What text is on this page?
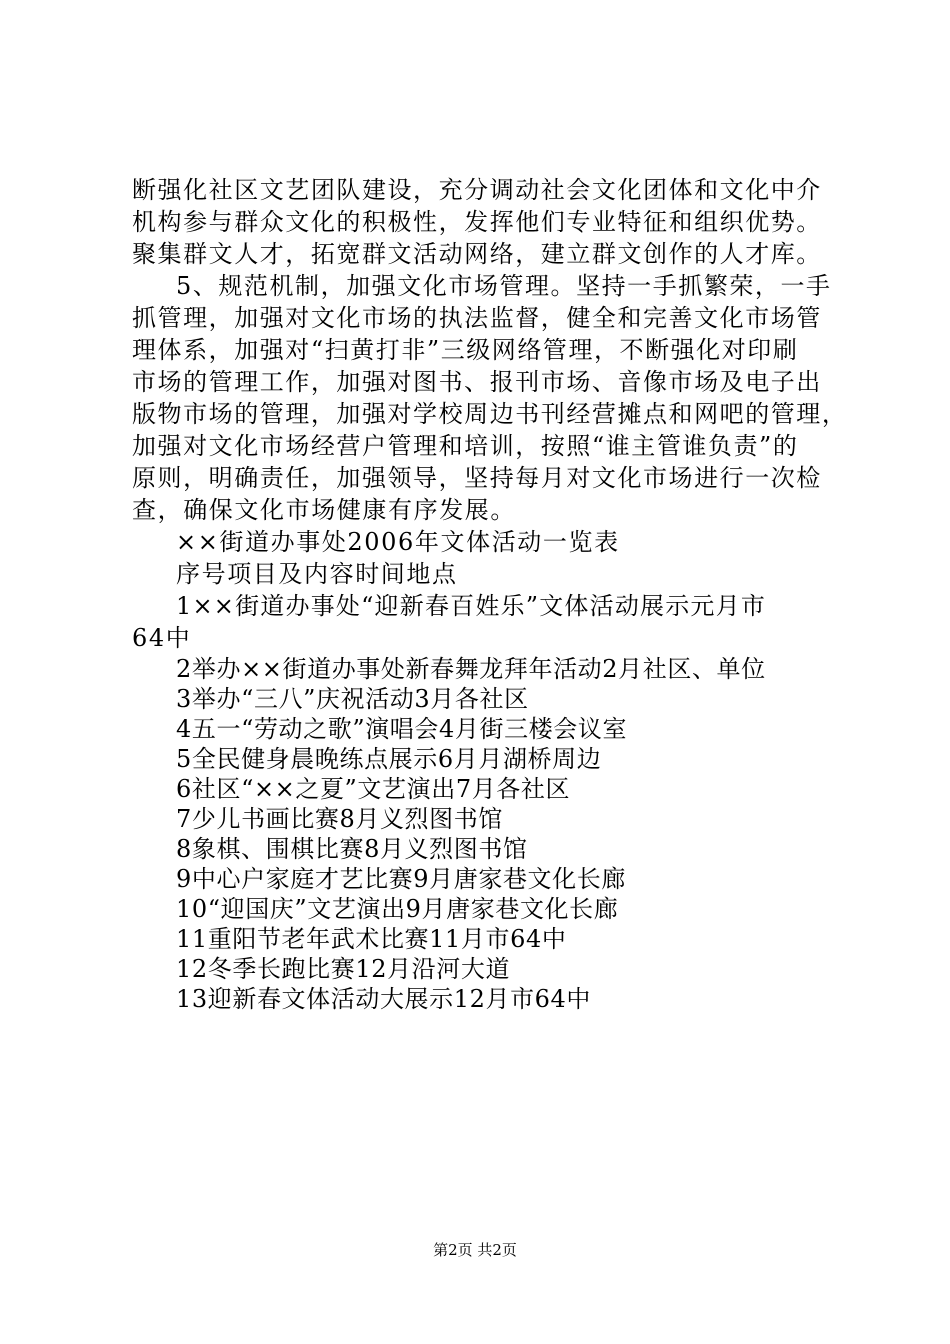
断强化社区文艺团队建设，充分调动社会文化团体和文化中介
机构参与群众文化的积极性，发挥他们专业特征和组织优势。
聚集群文人才，拓宽群文活动网络，建立群文创作的人才库。
5、规范机制，加强文化市场管理。坚持一手抓繁荣，一手
抓管理，加强对文化市场的执法监督，健全和完善文化市场管
理体系，加强对“扫黄打非”三级网络管理，不断强化对印刷
市场的管理工作，加强对图书、报刊市场、音像市场及电子出
版物市场的管理，加强对学校周边书刊经营摊点和网吧的管理，
加强对文化市场经营户管理和培训，按照“谁主管谁负责”的
原则，明确责任，加强领导，坚持每月对文化市场进行一次检
查，确保文化市场健康有序发展。
××街道办事处2006年文体活动一览表
序号项目及内容时间地点
1××街道办事处“迎新春百姓乐”文体活动展示元月市
64中
2举办××街道办事处新春舞龙拜年活动2月社区、单位
3举办“三八”庆祝活动3月各社区
4五一“劳动之歌”演唱会4月街三楼会议室
5全民健身晨晚练点展示6月月湖桥周边
6社区“××之夏”文艺演出7月各社区
7少儿书画比赛8月义烈图书馆
8象棋、围棋比赛8月义烈图书馆
9中心户家庭才艺比赛9月唐家巷文化长廊
10“迎国庆”文艺演出9月唐家巷文化长廊
11重阳节老年武术比赛11月市64中
12冬季长跑比赛12月沿河大道
13迎新春文体活动大展示12月市64中
第2页 共2页
